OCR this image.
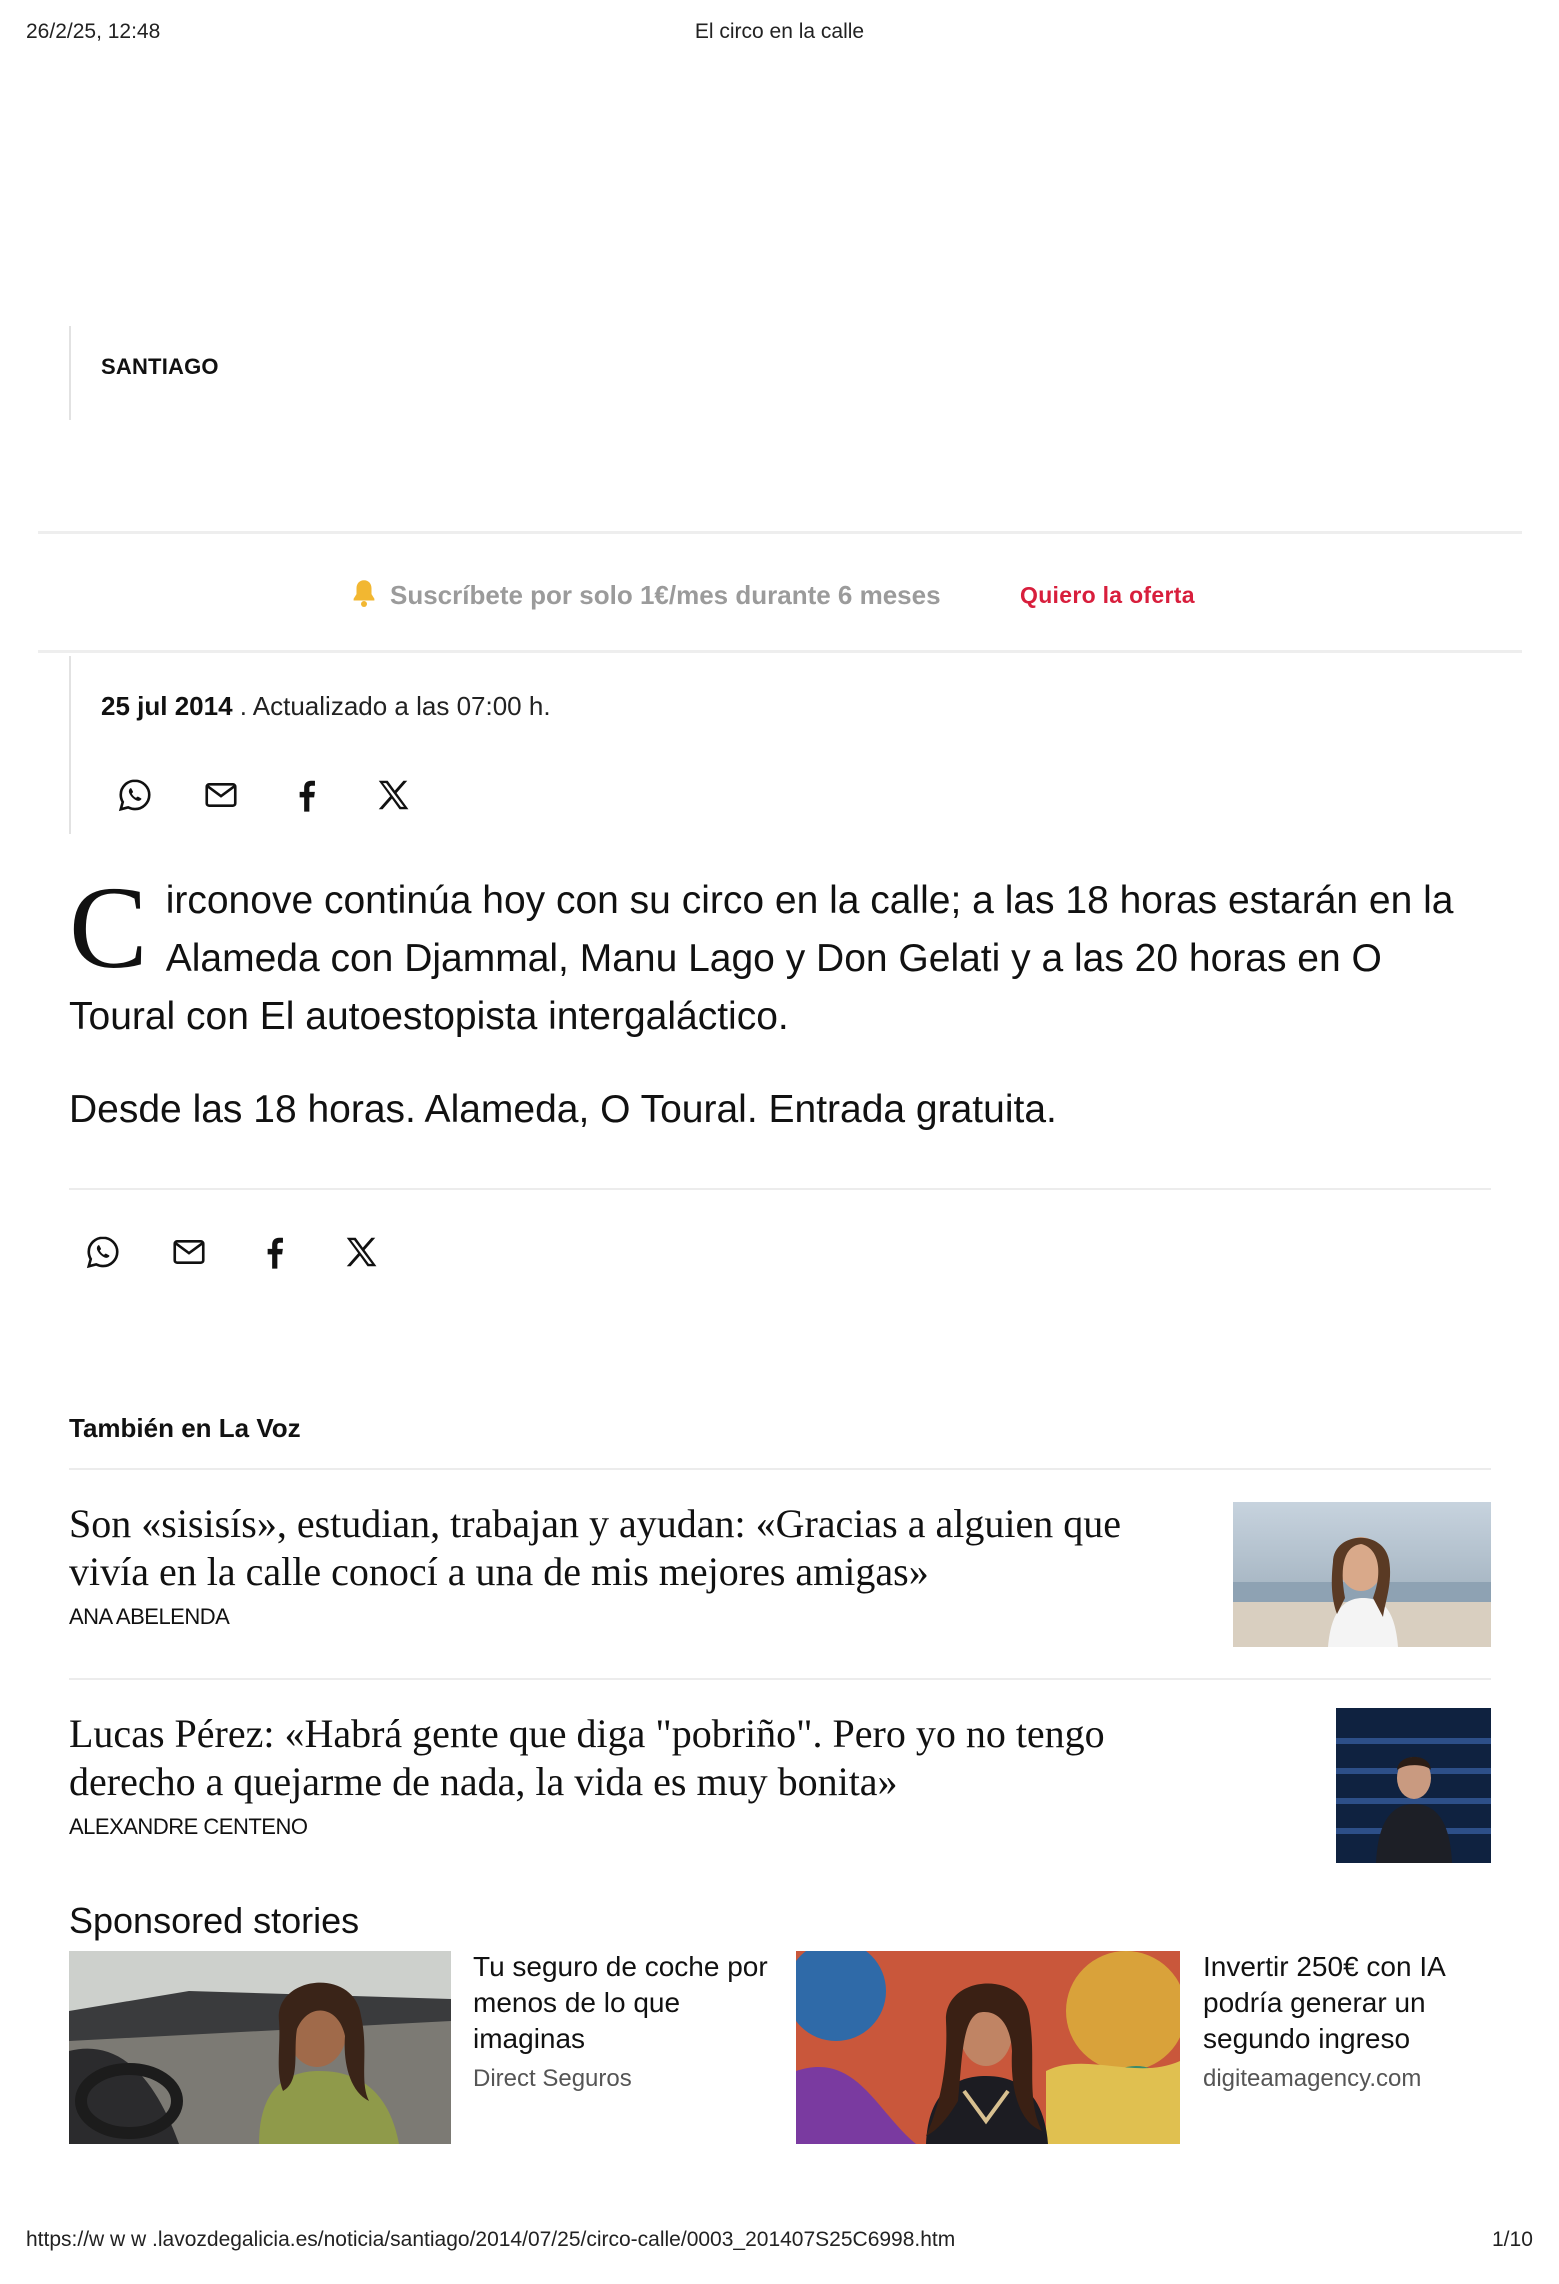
26/2/25, 12:48	El circo en la calle
SANTIAGO
Suscríbete por solo 1€/mes durante 6 meses	Quiero la oferta
25 jul 2014 . Actualizado a las 07:00 h.
C irconove continúa hoy con su circo en la calle; a las 18 horas estarán en la Alameda con Djammal, Manu Lago y Don Gelati y a las 20 horas en O Toural con El autoestopista intergaláctico.

Desde las 18 horas. Alameda, O Toural. Entrada gratuita.
También en La Voz
Son «sisisís», estudian, trabajan y ayudan: «Gracias a alguien que vivía en la calle conocí a una de mis mejores amigas»
ANA ABELENDA
Lucas Pérez: «Habrá gente que diga "pobriño". Pero yo no tengo derecho a quejarme de nada, la vida es muy bonita»
ALEXANDRE CENTENO
Sponsored stories
Tu seguro de coche por menos de lo que imaginas
Direct Seguros
Invertir 250€ con IA podría generar un segundo ingreso
digiteamagency.com
https://w w w .lavozdegalicia.es/noticia/santiago/2014/07/25/circo-calle/0003_201407S25C6998.htm	1/10
